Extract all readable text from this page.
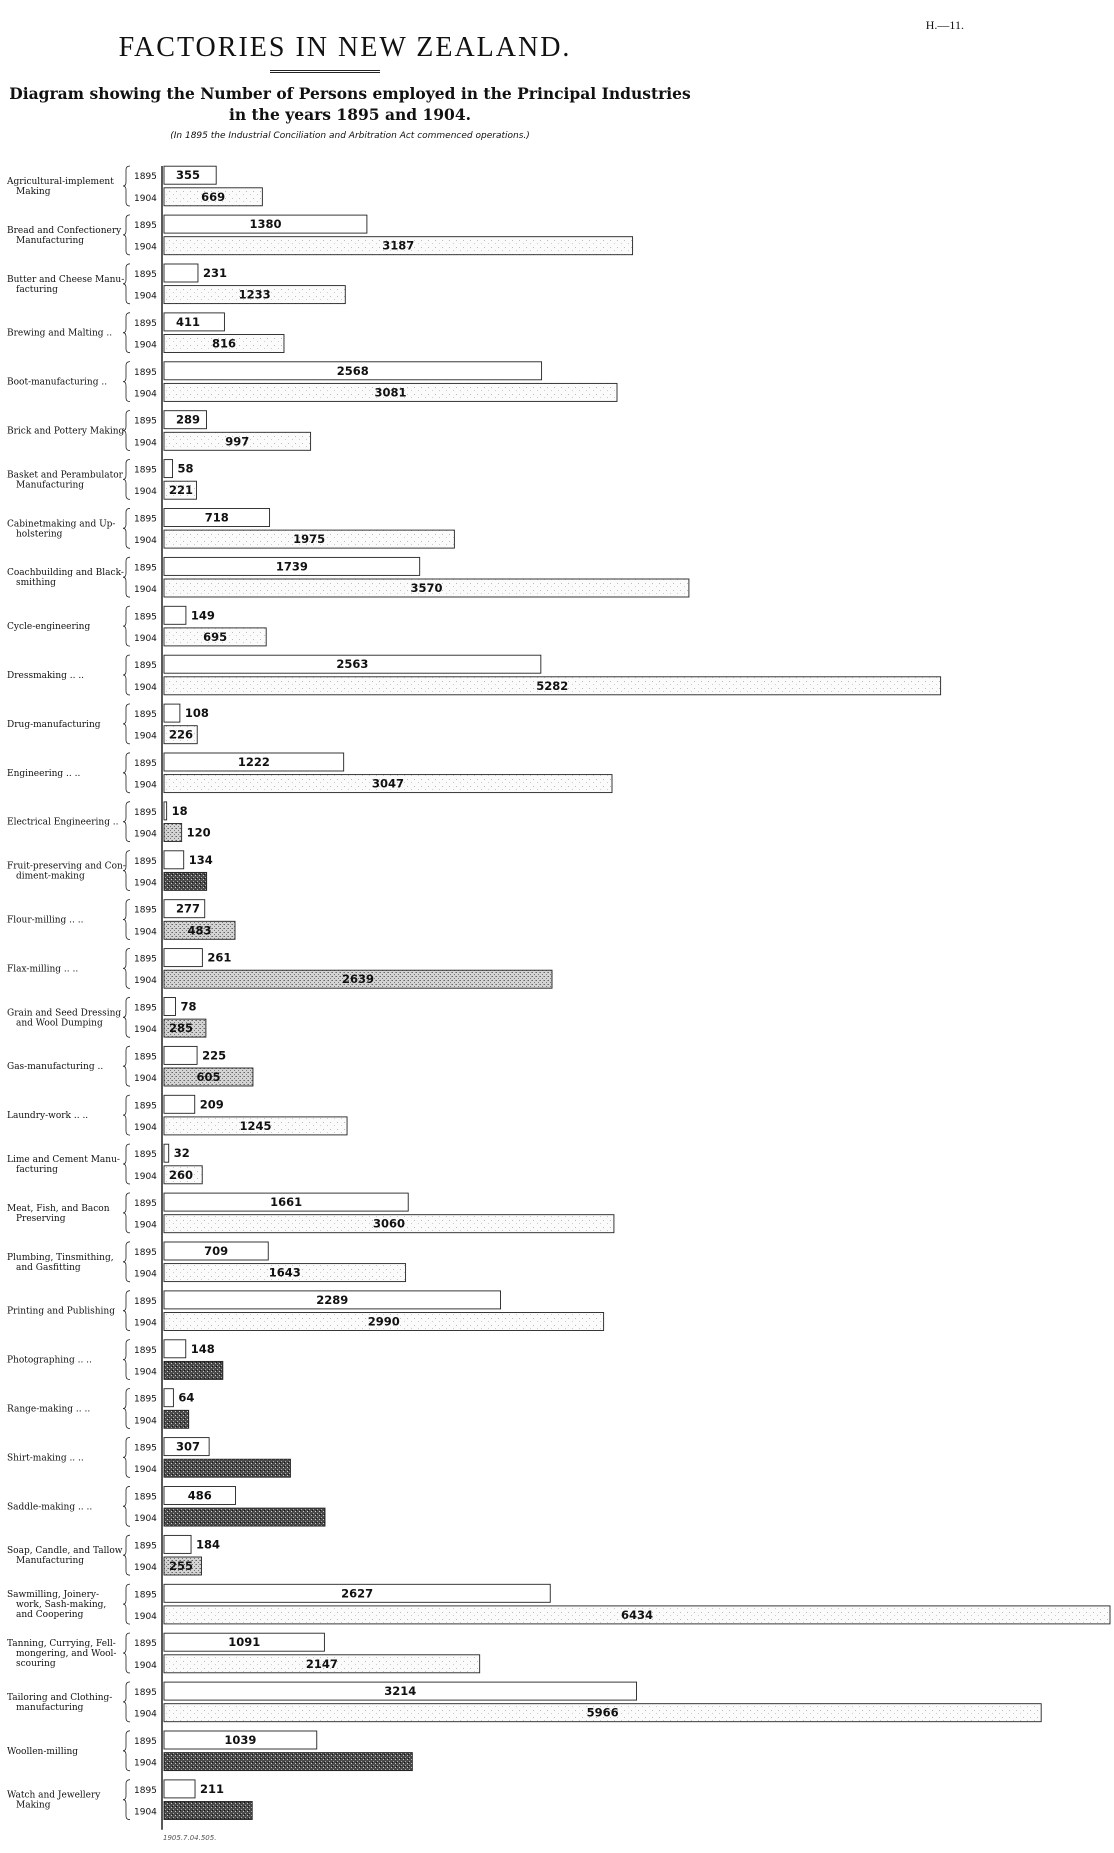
H.—11.
FACTORIES IN NEW ZEALAND.
Diagram showing the Number of Persons employed in the Principal Industries
in the years 1895 and 1904.
(In 1895 the Industrial Conciliation and Arbitration Act commenced operations.)
Agricultural-implement Making
1895
1904
355
669
Bread and Confectionery Manufacturing
1895
1904
1380
3187
Butter and Cheese Manu-facturing
1895
1904
231
1233
Brewing and Malting ..
1895
1904
411
816
Boot-manufacturing ..
1895
1904
2568
3081
Brick and Pottery Making
1895
1904
289
997
Basket and Perambulator Manufacturing
1895
1904
58
221
Cabinetmaking and Up-holstering
1895
1904
718
1975
Coachbuilding and Black-smithing
1895
1904
1739
3570
Cycle-engineering
1895
1904
149
695
Dressmaking .. ..
1895
1904
2563
5282
Drug-manufacturing
1895
1904
108
226
Engineering .. ..
1895
1904
1222
3047
Electrical Engineering ..
1895
1904
18
120
Fruit-preserving and Con-diment-making
1895
1904
134
Flour-milling .. ..
1895
1904
277
483
Flax-milling .. ..
1895
1904
261
2639
Grain and Seed Dressing and Wool Dumping
1895
1904
78
285
Gas-manufacturing ..
1895
1904
225
605
Laundry-work .. ..
1895
1904
209
1245
Lime and Cement Manu-facturing
1895
1904
32
260
Meat, Fish, and Bacon Preserving
1895
1904
1661
3060
Plumbing, Tinsmithing, and Gasfitting
1895
1904
709
1643
Printing and Publishing
1895
1904
2289
2990
Photographing .. ..
1895
1904
148
Range-making .. ..
1895
1904
64
Shirt-making .. ..
1895
1904
307
Saddle-making .. ..
1895
1904
486
Soap, Candle, and Tallow Manufacturing
1895
1904
184
255
Sawmilling, Joinery-work, Sash-making, and Coopering
1895
1904
2627
6434
Tanning, Currying, Fell-mongering, and Wool-scouring
1895
1904
1091
2147
Tailoring and Clothing-manufacturing
1895
1904
3214
5966
Woollen-milling
1895
1904
1039
Watch and Jewellery Making
1895
1904
211
1905.7.04.505.
